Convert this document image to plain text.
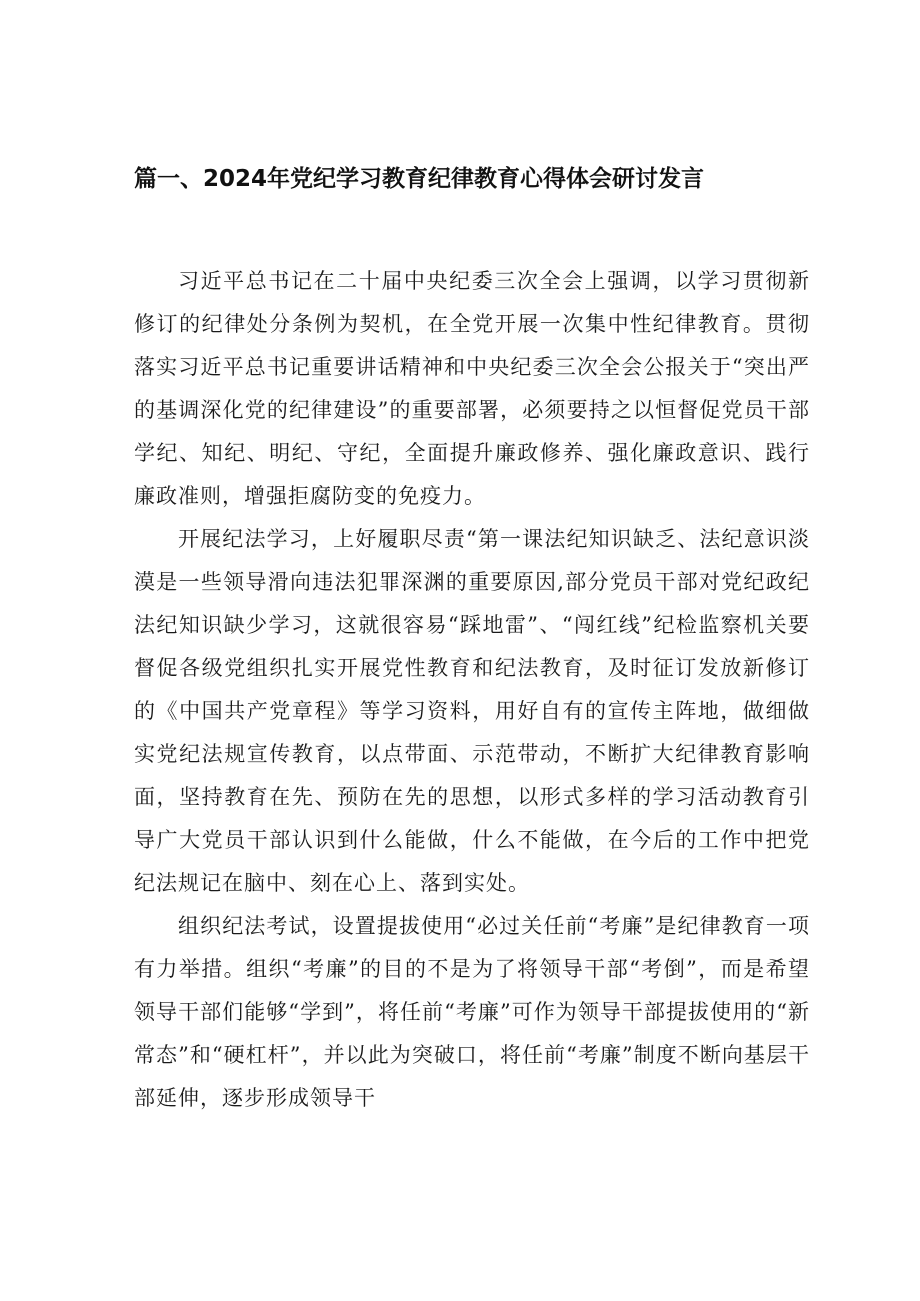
篇一、2024年党纪学习教育纪律教育心得体会研讨发言

习近平总书记在二十届中央纪委三次全会上强调，以学习贯彻新修订的纪律处分条例为契机，在全党开展一次集中性纪律教育。贯彻落实习近平总书记重要讲话精神和中央纪委三次全会公报关于“突出严的基调深化党的纪律建设”的重要部署，必须要持之以恒督促党员干部学纪、知纪、明纪、守纪，全面提升廉政修养、强化廉政意识、践行廉政准则，增强拒腐防变的免疫力。

开展纪法学习，上好履职尽责“第一课法纪知识缺乏、法纪意识淡漠是一些领导滑向违法犯罪深渊的重要原因,部分党员干部对党纪政纪法纪知识缺少学习，这就很容易“踩地雷”、“闯红线”纪检监察机关要督促各级党组织扎实开展党性教育和纪法教育，及时征订发放新修订的《中国共产党章程》等学习资料，用好自有的宣传主阵地，做细做实党纪法规宣传教育，以点带面、示范带动，不断扩大纪律教育影响面，坚持教育在先、预防在先的思想，以形式多样的学习活动教育引导广大党员干部认识到什么能做，什么不能做，在今后的工作中把党纪法规记在脑中、刻在心上、落到实处。

组织纪法考试，设置提拔使用“必过关任前“考廉”是纪律教育一项有力举措。组织“考廉”的目的不是为了将领导干部“考倒”，而是希望领导干部们能够“学到”，将任前“考廉”可作为领导干部提拔使用的“新常态”和“硬杠杆”，并以此为突破口，将任前“考廉”制度不断向基层干部延伸，逐步形成领导干
